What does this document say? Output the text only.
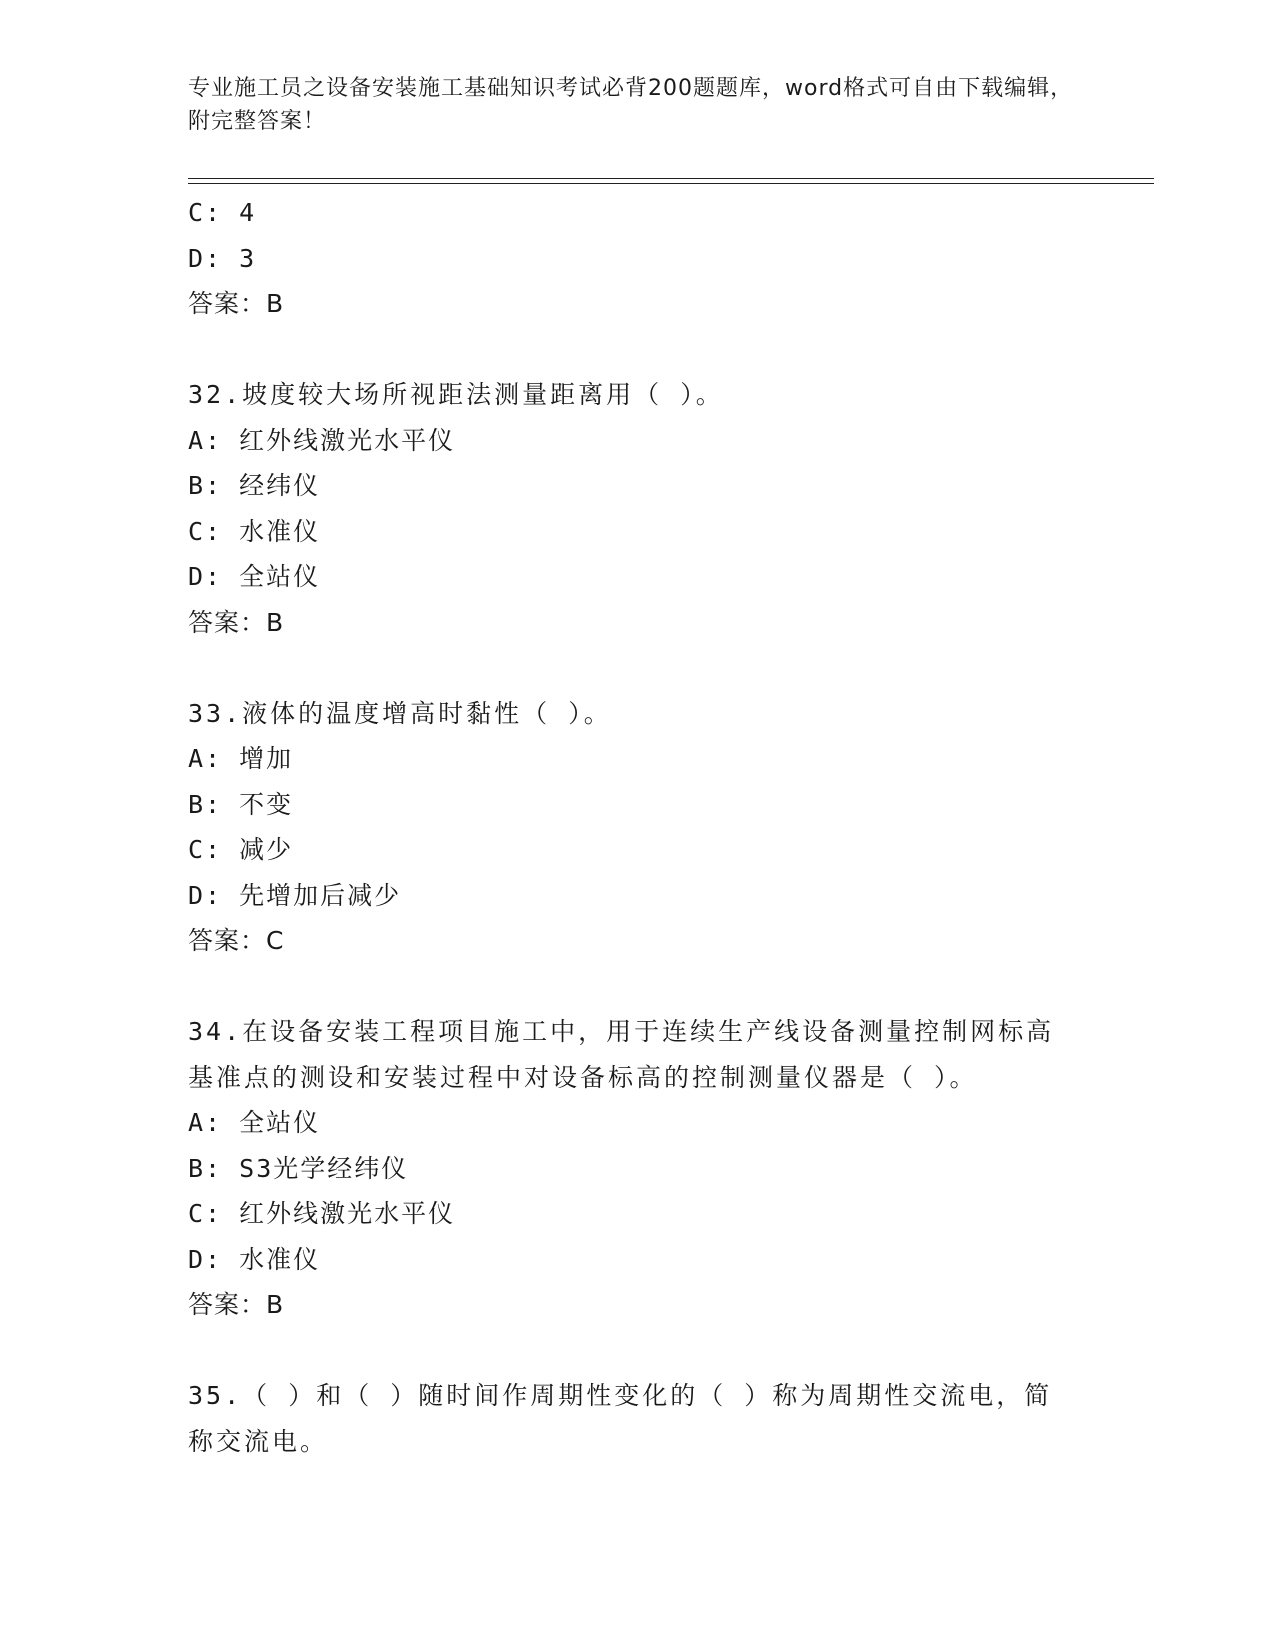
专业施工员之设备安装施工基础知识考试必背200题题库，word格式可自由下载编辑，附完整答案！
C: 4
D: 3
答案：B
32.坡度较大场所视距法测量距离用（ ）。
A: 红外线激光水平仪
B: 经纬仪
C: 水准仪
D: 全站仪
答案：B
33.液体的温度增高时黏性（ ）。
A: 增加
B: 不变
C: 减少
D: 先增加后减少
答案：C
34.在设备安装工程项目施工中，用于连续生产线设备测量控制网标高基准点的测设和安装过程中对设备标高的控制测量仪器是（ ）。
A: 全站仪
B: S3光学经纬仪
C: 红外线激光水平仪
D: 水准仪
答案：B
35.（ ）和（ ）随时间作周期性变化的（ ）称为周期性交流电，简称交流电。
